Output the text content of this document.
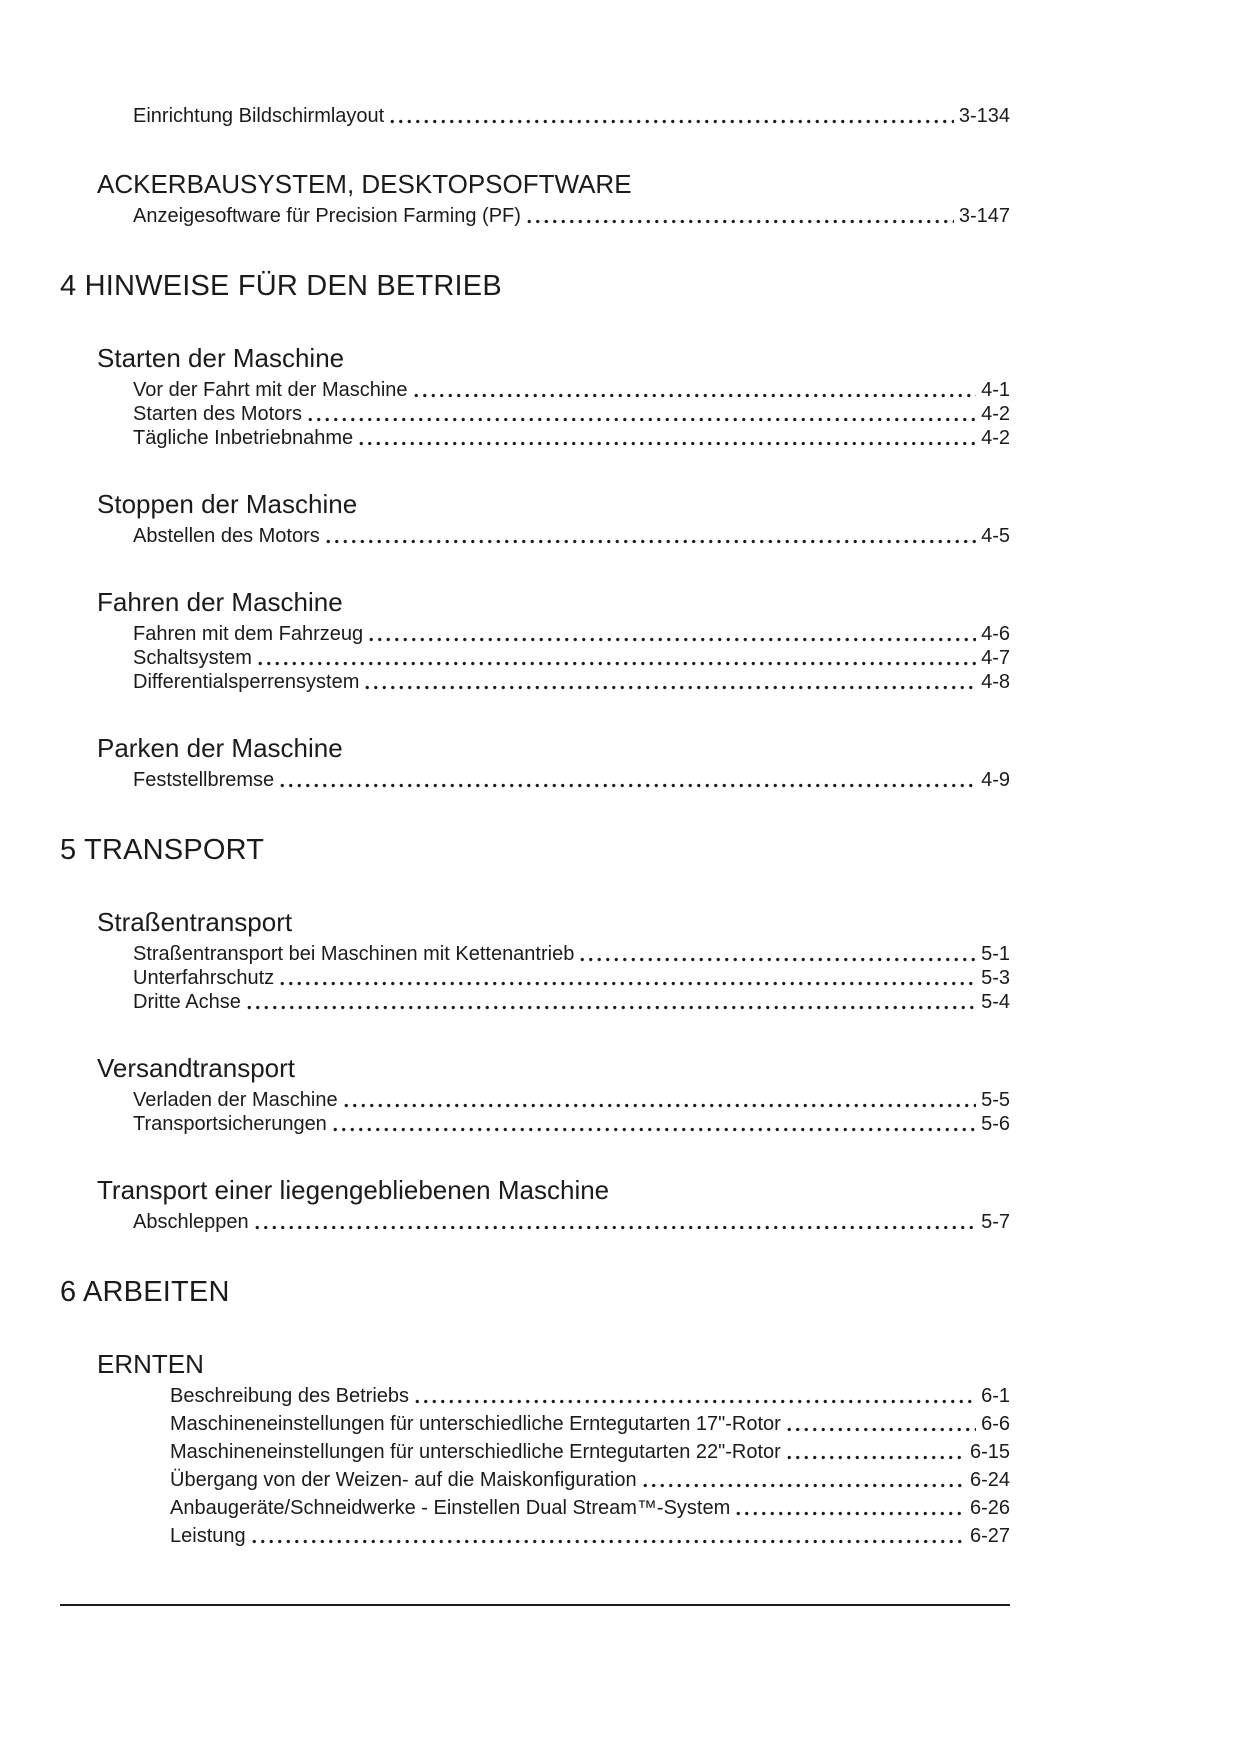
Einrichtung Bildschirmlayout	3-134
ACKERBAUSYSTEM, DESKTOPSOFTWARE
Anzeigesoftware für Precision Farming (PF)	3-147
4 HINWEISE FÜR DEN BETRIEB
Starten der Maschine
Vor der Fahrt mit der Maschine	4-1
Starten des Motors	4-2
Tägliche Inbetriebnahme	4-2
Stoppen der Maschine
Abstellen des Motors	4-5
Fahren der Maschine
Fahren mit dem Fahrzeug	4-6
Schaltsystem	4-7
Differentialsperrensystem	4-8
Parken der Maschine
Feststellbremse	4-9
5 TRANSPORT
Straßentransport
Straßentransport bei Maschinen mit Kettenantrieb	5-1
Unterfahrschutz	5-3
Dritte Achse	5-4
Versandtransport
Verladen der Maschine	5-5
Transportsicherungen	5-6
Transport einer liegengebliebenen Maschine
Abschleppen	5-7
6 ARBEITEN
ERNTEN
Beschreibung des Betriebs	6-1
Maschineneinstellungen für unterschiedliche Erntegutarten 17"-Rotor	6-6
Maschineneinstellungen für unterschiedliche Erntegutarten 22"-Rotor	6-15
Übergang von der Weizen- auf die Maiskonfiguration	6-24
Anbaugeräte/Schneidwerke - Einstellen Dual Stream™-System	6-26
Leistung	6-27
